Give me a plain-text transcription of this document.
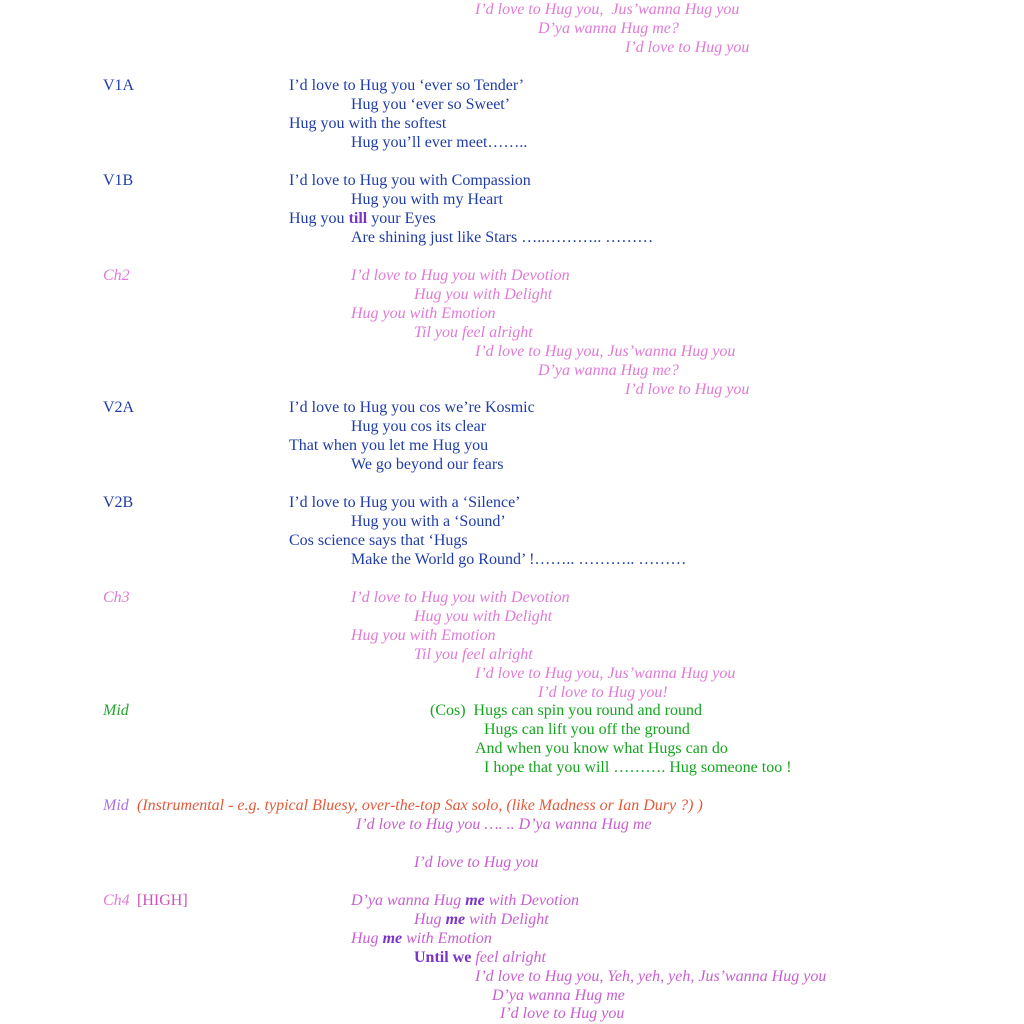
I’d love to Hug you,  Jus’wanna Hug you
D’ya wanna Hug me?
I’d love to Hug you
V1A	I’d love to Hug you ‘ever so Tender’
Hug you ‘ever so Sweet’
Hug you with the softest
Hug you’ll ever meet……..
V1B	I’d love to Hug you with Compassion
Hug you with my Heart
Hug you till your Eyes
Are shining just like Stars …..……….. ………
Ch2	I’d love to Hug you with Devotion
Hug you with Delight
Hug you with Emotion
Til you feel alright
I’d love to Hug you, Jus’wanna Hug you
D’ya wanna Hug me?
I’d love to Hug you
V2A	I’d love to Hug you cos we’re Kosmic
Hug you cos its clear
That when you let me Hug you
We go beyond our fears
V2B	I’d love to Hug you with a ‘Silence’
Hug you with a ‘Sound’
Cos science says that ‘Hugs
Make the World go Round’ !…….. ……….. ………
Ch3	I’d love to Hug you with Devotion
Hug you with Delight
Hug you with Emotion
Til you feel alright
I’d love to Hug you, Jus’wanna Hug you
I’d love to Hug you!
Mid	(Cos)  Hugs can spin you round and round
Hugs can lift you off the ground
And when you know what Hugs can do
I hope that you will ………. Hug someone too !
Mid (Instrumental - e.g. typical Bluesy, over-the-top Sax solo, (like Madness or Ian Dury ?) )
I’d love to Hug you …. .. D’ya wanna Hug me
I’d love to Hug you
Ch4 [HIGH]	D’ya wanna Hug me with Devotion
Hug me with Delight
Hug me with Emotion
Until we feel alright
I’d love to Hug you, Yeh, yeh, yeh, Jus’wanna Hug you
D’ya wanna Hug me
I’d love to Hug you
